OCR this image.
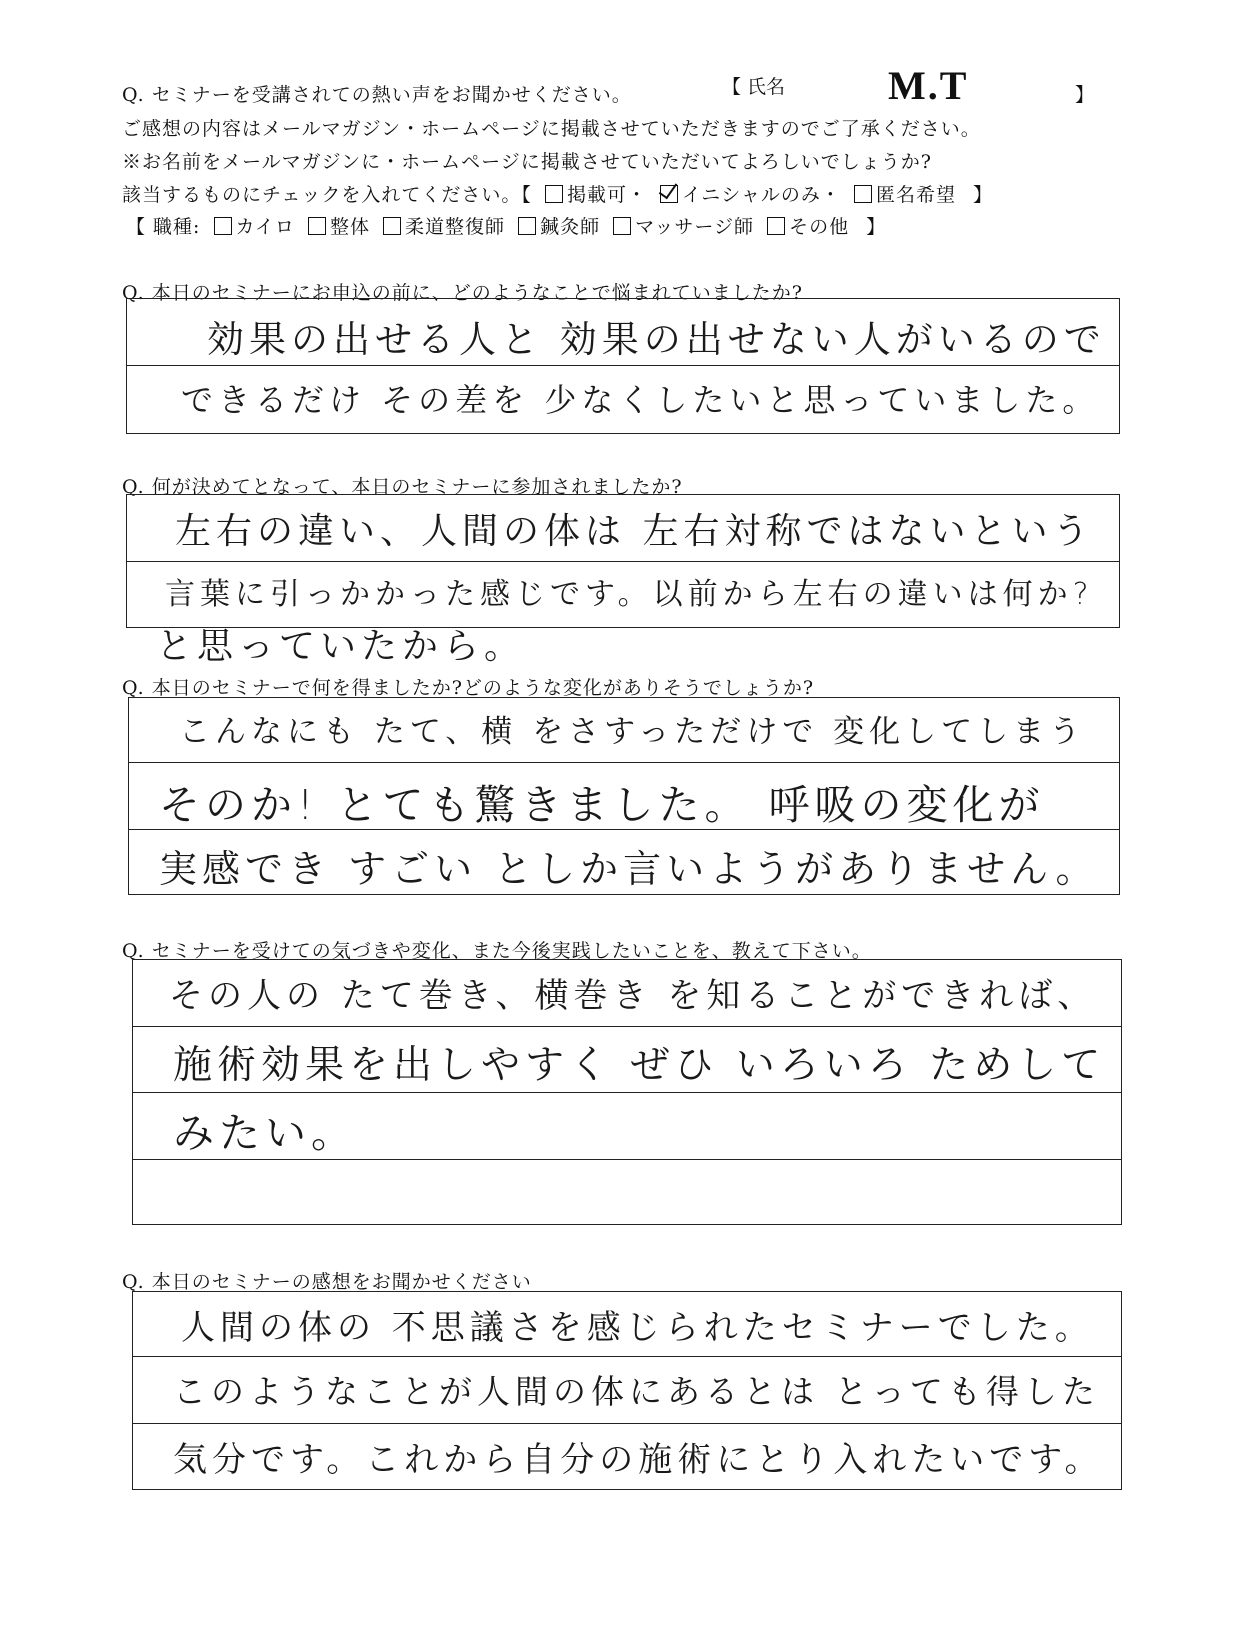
Q. セミナーを受講されての熱い声をお聞かせください。	【 氏名	M.T	】
ご感想の内容はメールマガジン・ホームページに掲載させていただきますのでご了承ください。
※お名前をメールマガジンに・ホームページに掲載させていただいてよろしいでしょうか?
該当するものにチェックを入れてください。【 掲載可・ イニシャルのみ・ 匿名希望 】
【 職種: カイロ 整体 柔道整復師 鍼灸師 マッサージ師 その他 】
Q. 本日のセミナーにお申込の前に、どのようなことで悩まれていましたか?
効果の出せる人と 効果の出せない人がいるので
できるだけ その差を 少なくしたいと思っていました。
Q. 何が決めてとなって、本日のセミナーに参加されましたか?
左右の違い、人間の体は 左右対称ではないという
言葉に引っかかった感じです。以前から左右の違いは何か?
と思っていたから。
Q. 本日のセミナーで何を得ましたか?どのような変化がありそうでしょうか?
こんなにも たて、横 をさすっただけで 変化してしまう
そのか! とても驚きました。 呼吸の変化が
実感でき すごい としか言いようがありません。
Q. セミナーを受けての気づきや変化、また今後実践したいことを、教えて下さい。
その人の たて巻き、横巻き を知ることができれば、
施術効果を出しやすく ぜひ いろいろ ためして
みたい。
Q. 本日のセミナーの感想をお聞かせください
人間の体の 不思議さを感じられたセミナーでした。
このようなことが人間の体にあるとは とっても得した
気分です。これから自分の施術にとり入れたいです。
